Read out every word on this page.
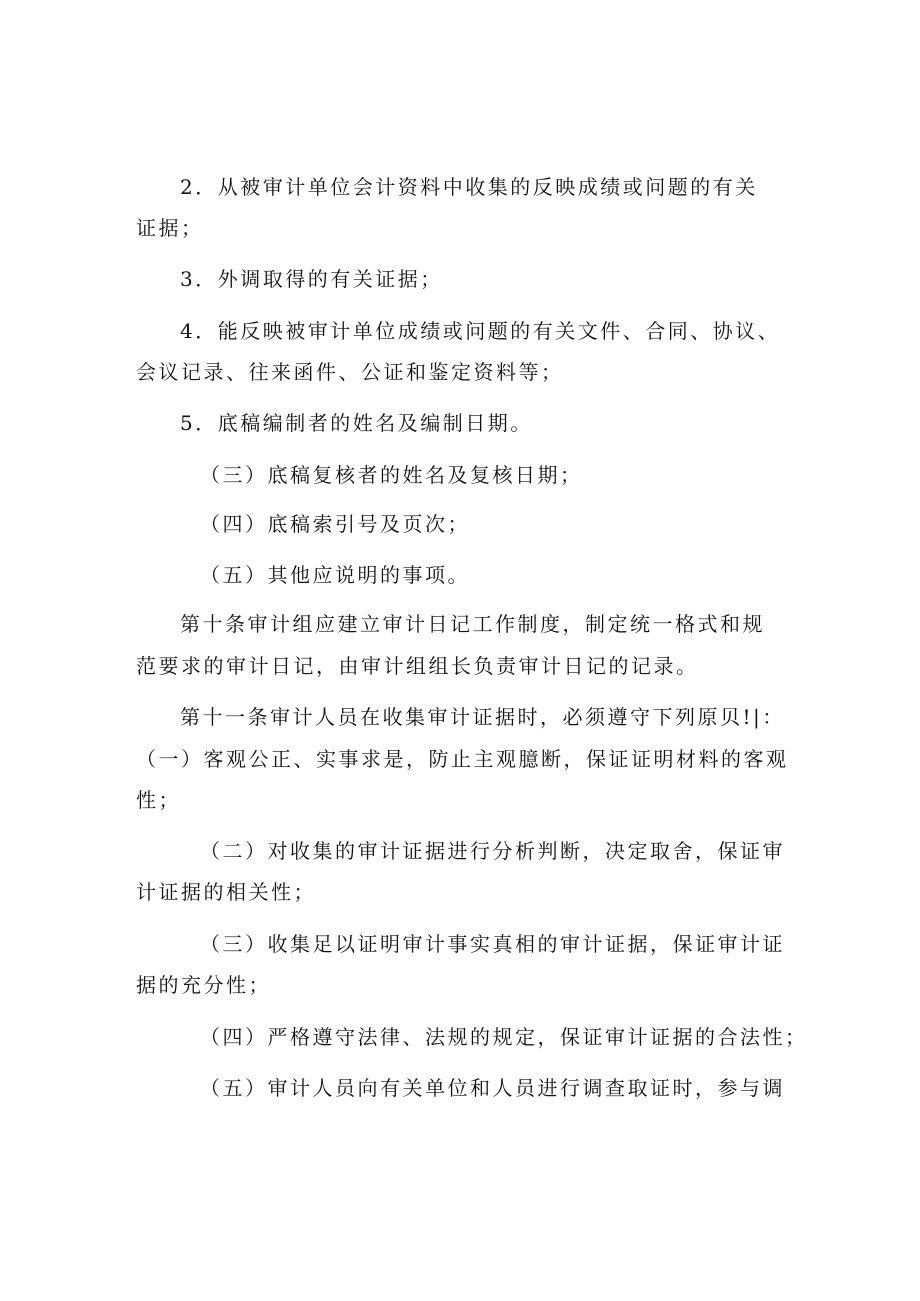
2．从被审计单位会计资料中收集的反映成绩或问题的有关
证据；
3．外调取得的有关证据；
4．能反映被审计单位成绩或问题的有关文件、合同、协议、
会议记录、往来函件、公证和鉴定资料等；
5．底稿编制者的姓名及编制日期。
（三）底稿复核者的姓名及复核日期；
（四）底稿索引号及页次；
（五）其他应说明的事项。
第十条审计组应建立审计日记工作制度，制定统一格式和规
范要求的审计日记，由审计组组长负责审计日记的记录。
第十一条审计人员在收集审计证据时，必须遵守下列原贝!|：
（一）客观公正、实事求是，防止主观臆断，保证证明材料的客观
性；
（二）对收集的审计证据进行分析判断，决定取舍，保证审
计证据的相关性；
（三）收集足以证明审计事实真相的审计证据，保证审计证
据的充分性；
（四）严格遵守法律、法规的规定，保证审计证据的合法性；
（五）审计人员向有关单位和人员进行调查取证时，参与调
